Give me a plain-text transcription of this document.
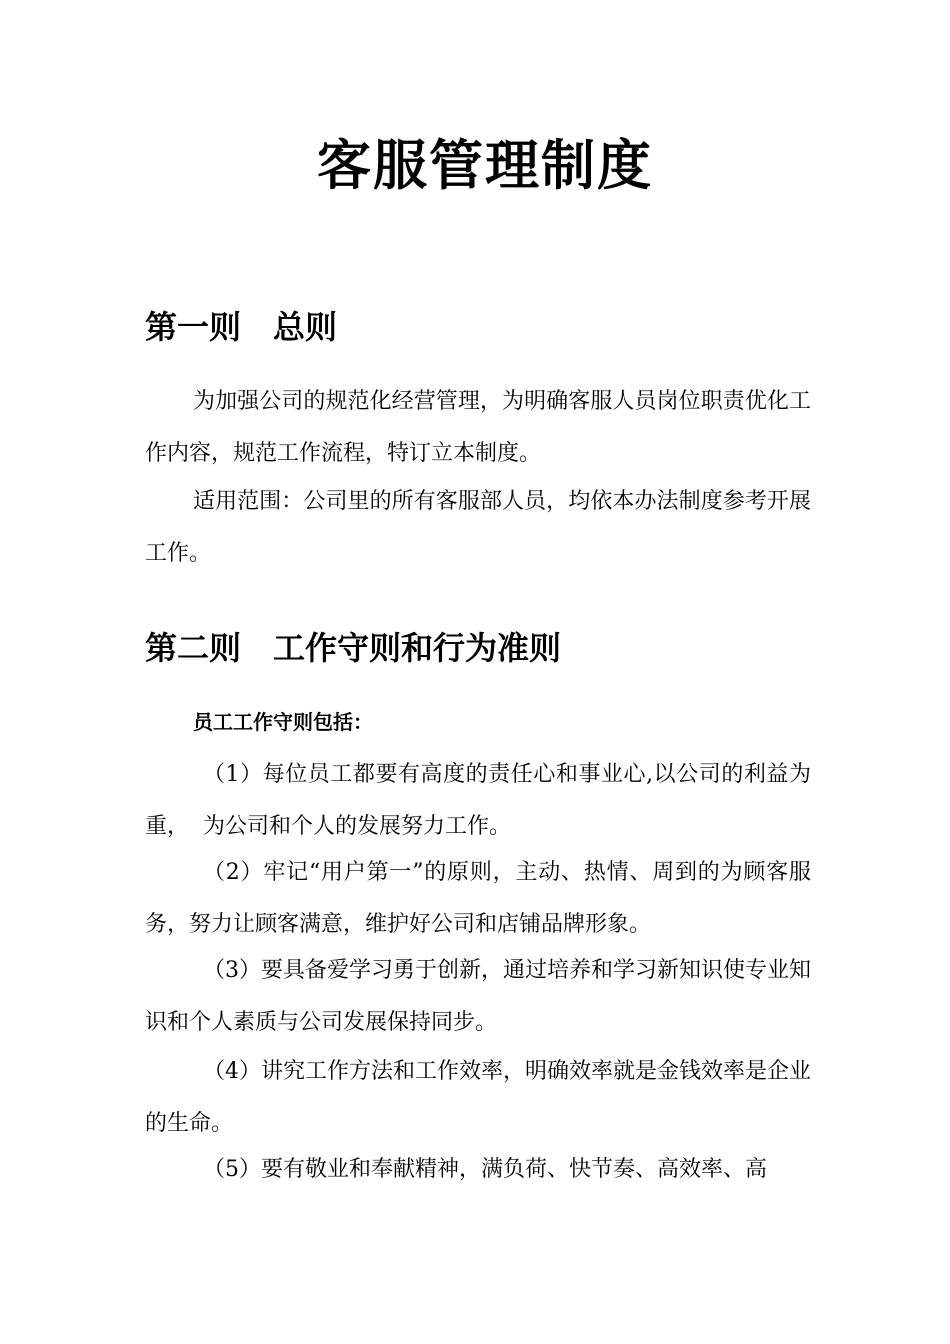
客服管理制度
第一则　总则

为加强公司的规范化经营管理，为明确客服人员岗位职责优化工作内容，规范工作流程，特订立本制度。

适用范围：公司里的所有客服部人员，均依本办法制度参考开展工作。

第二则　工作守则和行为准则

员工工作守则包括：

（1）每位员工都要有高度的责任心和事业心,以公司的利益为重，  为公司和个人的发展努力工作。

（2）牢记“用户第一”的原则，主动、热情、周到的为顾客服务，努力让顾客满意，维护好公司和店铺品牌形象。

（3）要具备爱学习勇于创新，通过培养和学习新知识使专业知识和个人素质与公司发展保持同步。

（4）讲究工作方法和工作效率，明确效率就是金钱效率是企业的生命。

（5）要有敬业和奉献精神，满负荷、快节奏、高效率、高
